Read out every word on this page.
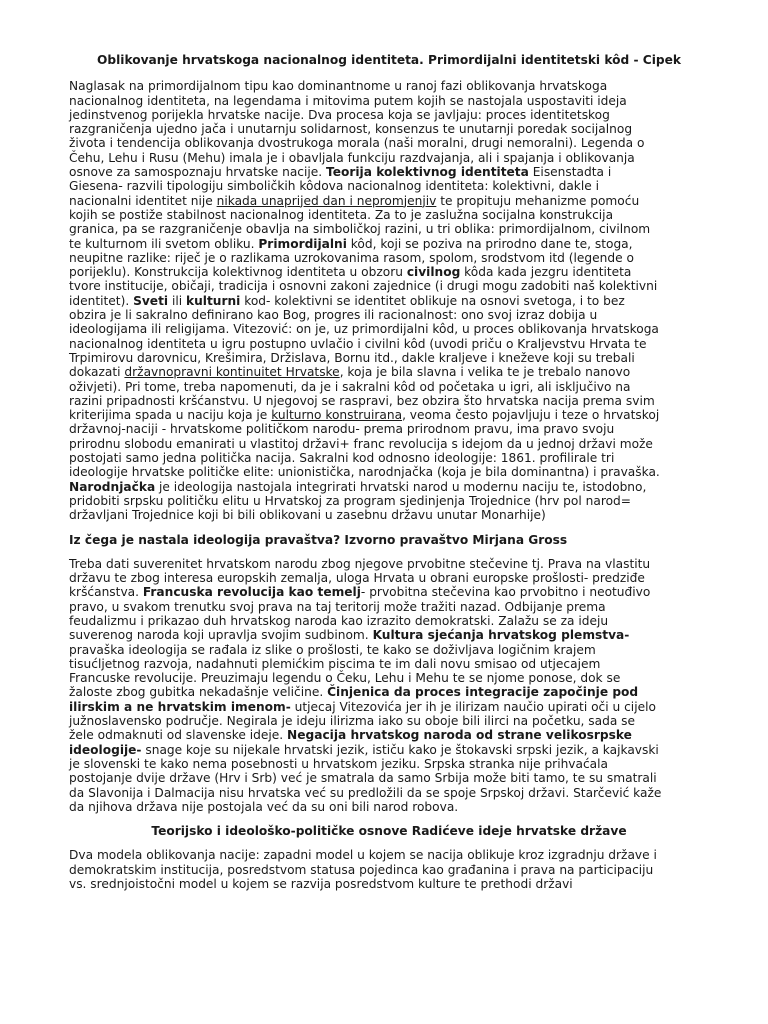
Oblikovanje hrvatskoga nacionalnog identiteta. Primordijalni identitetski kôd - Cipek
Naglasak na primordijalnom tipu kao dominantnome u ranoj fazi oblikovanja hrvatskoga
nacionalnog identiteta, na legendama i mitovima putem kojih se nastojala uspostaviti ideja
jedinstvenog porijekla hrvatske nacije. Dva procesa koja se javljaju: proces identitetskog
razgraničenja ujedno jača i unutarnju solidarnost, konsenzus te unutarnji poredak socijalnog
života i tendencija oblikovanja dvostrukoga morala (naši moralni, drugi nemoralni). Legenda o
Čehu, Lehu i Rusu (Mehu) imala je i obavljala funkciju razdvajanja, ali i spajanja i oblikovanja
osnove za samospoznaju hrvatske nacije. Teorija kolektivnog identiteta Eisenstadta i
Giesena- razvili tipologiju simboličkih kôdova nacionalnog identiteta: kolektivni, dakle i
nacionalni identitet nije nikada unaprijed dan i nepromjenjiv te propituju mehanizme pomoću
kojih se postiže stabilnost nacionalnog identiteta. Za to je zaslužna socijalna konstrukcija
granica, pa se razgraničenje obavlja na simboličkoj razini, u tri oblika: primordijalnom, civilnom
te kulturnom ili svetom obliku. Primordijalni kôd, koji se poziva na prirodno dane te, stoga,
neupitne razlike: riječ je o razlikama uzrokovanima rasom, spolom, srodstvom itd (legende o
porijeklu). Konstrukcija kolektivnog identiteta u obzoru civilnog kôda kada jezgru identiteta
tvore institucije, običaji, tradicija i osnovni zakoni zajednice (i drugi mogu zadobiti naš kolektivni
identitet). Sveti ili kulturni kod- kolektivni se identitet oblikuje na osnovi svetoga, i to bez
obzira je li sakralno definirano kao Bog, progres ili racionalnost: ono svoj izraz dobija u
ideologijama ili religijama. Vitezović: on je, uz primordijalni kôd, u proces oblikovanja hrvatskoga
nacionalnog identiteta u igru postupno uvlačio i civilni kôd (uvodi priču o Kraljevstvu Hrvata te
Trpimirovu darovnicu, Krešimira, Držislava, Bornu itd., dakle kraljeve i kneževe koji su trebali
dokazati državnopravni kontinuitet Hrvatske, koja je bila slavna i velika te je trebalo nanovo
oživjeti). Pri tome, treba napomenuti, da je i sakralni kôd od početaka u igri, ali isključivo na
razini pripadnosti kršćanstvu. U njegovoj se raspravi, bez obzira što hrvatska nacija prema svim
kriterijima spada u naciju koja je kulturno konstruirana, veoma često pojavljuju i teze o hrvatskoj
državnoj-naciji - hrvatskome političkom narodu- prema prirodnom pravu, ima pravo svoju
prirodnu slobodu emanirati u vlastitoj državi+ franc revolucija s idejom da u jednoj državi može
postojati samo jedna politička nacija. Sakralni kod odnosno ideologije: 1861. profilirale tri
ideologije hrvatske političke elite: unionistička, narodnjačka (koja je bila dominantna) i pravaška.
Narodnjačka je ideologija nastojala integrirati hrvatski narod u modernu naciju te, istodobno,
pridobiti srpsku političku elitu u Hrvatskoj za program sjedinjenja Trojednice (hrv pol narod=
državljani Trojednice koji bi bili oblikovani u zasebnu državu unutar Monarhije)
Iz čega je nastala ideologija pravaštva? Izvorno pravaštvo Mirjana Gross
Treba dati suverenitet hrvatskom narodu zbog njegove prvobitne stečevine tj. Prava na vlastitu
državu te zbog interesa europskih zemalja, uloga Hrvata u obrani europske prošlosti- predziđe
kršćanstva. Francuska revolucija kao temelj- prvobitna stečevina kao prvobitno i neotuđivo
pravo, u svakom trenutku svoj prava na taj teritorij može tražiti nazad. Odbijanje prema
feudalizmu i prikazao duh hrvatskog naroda kao izrazito demokratski. Zalažu se za ideju
suverenog naroda koji upravlja svojim sudbinom. Kultura sjećanja hrvatskog plemstva-
pravaška ideologija se rađala iz slike o prošlosti, te kako se doživljava logičnim krajem
tisućljetnog razvoja, nadahnuti plemićkim piscima te im dali novu smisao od utjecajem
Francuske revolucije. Preuzimaju legendu o Čeku, Lehu i Mehu te se njome ponose, dok se
žaloste zbog gubitka nekadašnje veličine. Činjenica da proces integracije započinje pod
ilirskim a ne hrvatskim imenom- utjecaj Vitezovića jer ih je ilirizam naučio upirati oči u cijelo
južnoslavensko područje. Negirala je ideju ilirizma iako su oboje bili ilirci na početku, sada se
žele odmaknuti od slavenske ideje. Negacija hrvatskog naroda od strane velikosrpske
ideologije- snage koje su nijekale hrvatski jezik, ističu kako je štokavski srpski jezik, a kajkavski
je slovenski te kako nema posebnosti u hrvatskom jeziku. Srpska stranka nije prihvaćala
postojanje dvije države (Hrv i Srb) već je smatrala da samo Srbija može biti tamo, te su smatrali
da Slavonija i Dalmacija nisu hrvatska već su predložili da se spoje Srpskoj državi. Starčević kaže
da njihova država nije postojala već da su oni bili narod robova.
Teorijsko i ideološko-političke osnove Radićeve ideje hrvatske države
Dva modela oblikovanja nacije: zapadni model u kojem se nacija oblikuje kroz izgradnju države i
demokratskim institucija, posredstvom statusa pojedinca kao građanina i prava na participaciju
vs. srednjoistočni model u kojem se razvija posredstvom kulture te prethodi državi
